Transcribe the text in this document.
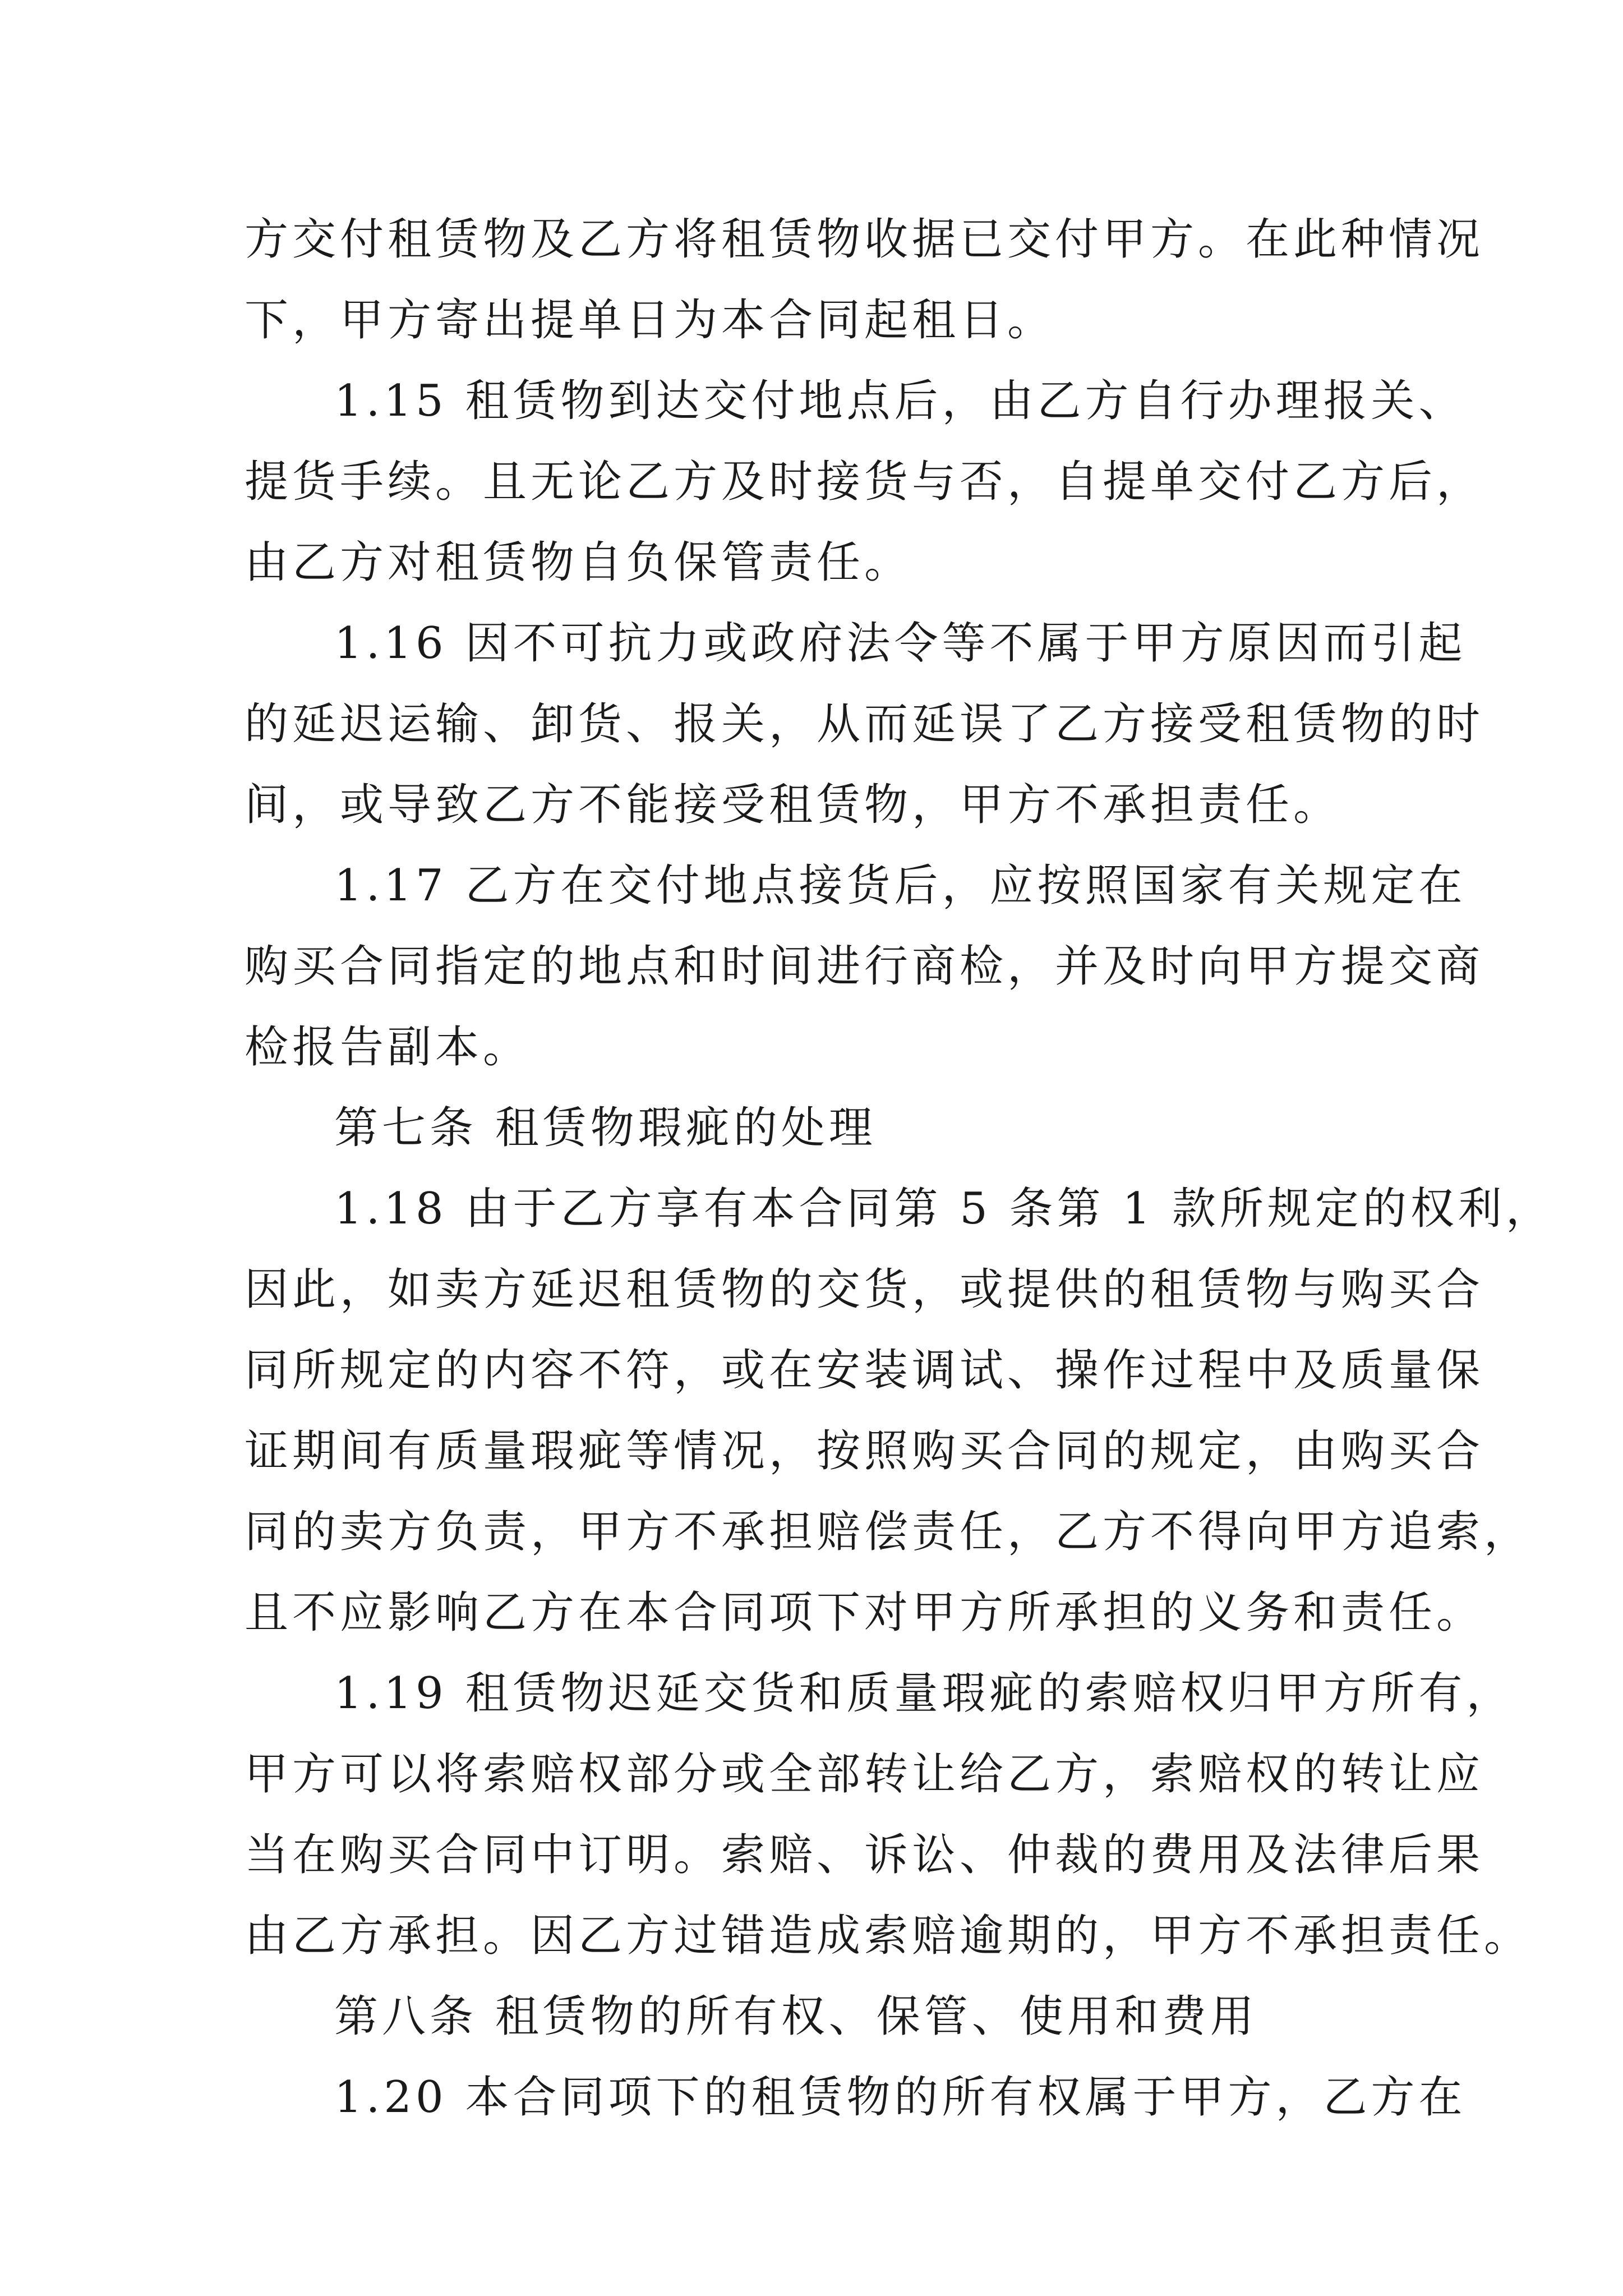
方交付租赁物及乙方将租赁物收据已交付甲方。在此种情况
下，甲方寄出提单日为本合同起租日。
1.15 租赁物到达交付地点后，由乙方自行办理报关、
提货手续。且无论乙方及时接货与否，自提单交付乙方后，
由乙方对租赁物自负保管责任。
1.16 因不可抗力或政府法令等不属于甲方原因而引起
的延迟运输、卸货、报关，从而延误了乙方接受租赁物的时
间，或导致乙方不能接受租赁物，甲方不承担责任。
1.17 乙方在交付地点接货后，应按照国家有关规定在
购买合同指定的地点和时间进行商检，并及时向甲方提交商
检报告副本。
第七条 租赁物瑕疵的处理
1.18 由于乙方享有本合同第 5 条第 1 款所规定的权利，
因此，如卖方延迟租赁物的交货，或提供的租赁物与购买合
同所规定的内容不符，或在安装调试、操作过程中及质量保
证期间有质量瑕疵等情况，按照购买合同的规定，由购买合
同的卖方负责，甲方不承担赔偿责任，乙方不得向甲方追索，
且不应影响乙方在本合同项下对甲方所承担的义务和责任。
1.19 租赁物迟延交货和质量瑕疵的索赔权归甲方所有，
甲方可以将索赔权部分或全部转让给乙方，索赔权的转让应
当在购买合同中订明。索赔、诉讼、仲裁的费用及法律后果
由乙方承担。因乙方过错造成索赔逾期的，甲方不承担责任。
第八条 租赁物的所有权、保管、使用和费用
1.20 本合同项下的租赁物的所有权属于甲方，乙方在
